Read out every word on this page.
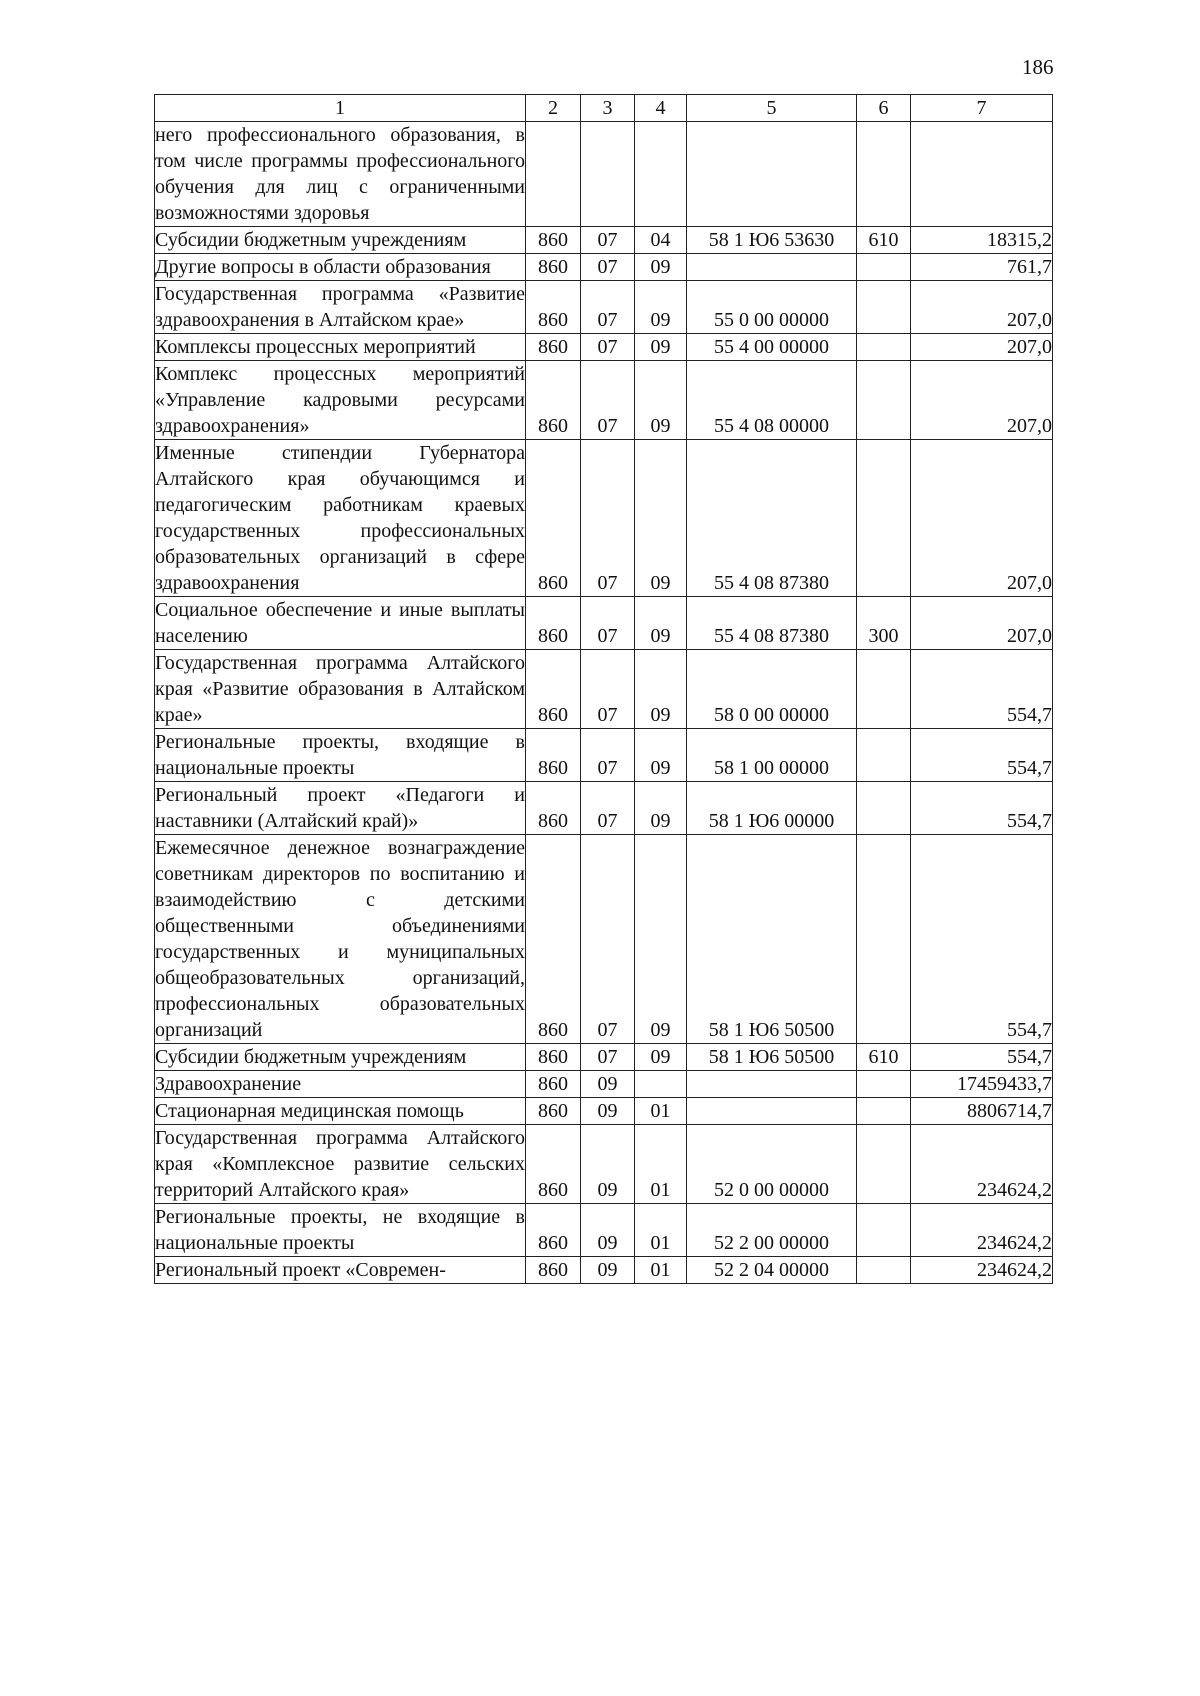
186
1	2	3	4	5	6	7
него профессионального образования, в том числе программы профессионального обучения для лиц с ограниченными возможностями здоровья						
Субсидии бюджетным учреждениям	860	07	04	58 1 Ю6 53630	610	18315,2
Другие вопросы в области образования	860	07	09			761,7
Государственная программа «Развитие здравоохранения в Алтайском крае»	860	07	09	55 0 00 00000		207,0
Комплексы процессных мероприятий	860	07	09	55 4 00 00000		207,0
Комплекс процессных мероприятий «Управление кадровыми ресурсами здравоохранения»	860	07	09	55 4 08 00000		207,0
Именные стипендии Губернатора Алтайского края обучающимся и педагогическим работникам краевых государственных профессиональных образовательных организаций в сфере здравоохранения	860	07	09	55 4 08 87380		207,0
Социальное обеспечение и иные выплаты населению	860	07	09	55 4 08 87380	300	207,0
Государственная программа Алтайского края «Развитие образования в Алтайском крае»	860	07	09	58 0 00 00000		554,7
Региональные проекты, входящие в национальные проекты	860	07	09	58 1 00 00000		554,7
Региональный проект «Педагоги и наставники (Алтайский край)»	860	07	09	58 1 Ю6 00000		554,7
Ежемесячное денежное вознаграждение советникам директоров по воспитанию и взаимодействию с детскими общественными объединениями государственных и муниципальных общеобразовательных организаций, профессиональных образовательных организаций	860	07	09	58 1 Ю6 50500		554,7
Субсидии бюджетным учреждениям	860	07	09	58 1 Ю6 50500	610	554,7
Здравоохранение	860	09				17459433,7
Стационарная медицинская помощь	860	09	01			8806714,7
Государственная программа Алтайского края «Комплексное развитие сельских территорий Алтайского края»	860	09	01	52 0 00 00000		234624,2
Региональные проекты, не входящие в национальные проекты	860	09	01	52 2 00 00000		234624,2
Региональный проект «Современ-	860	09	01	52 2 04 00000		234624,2
